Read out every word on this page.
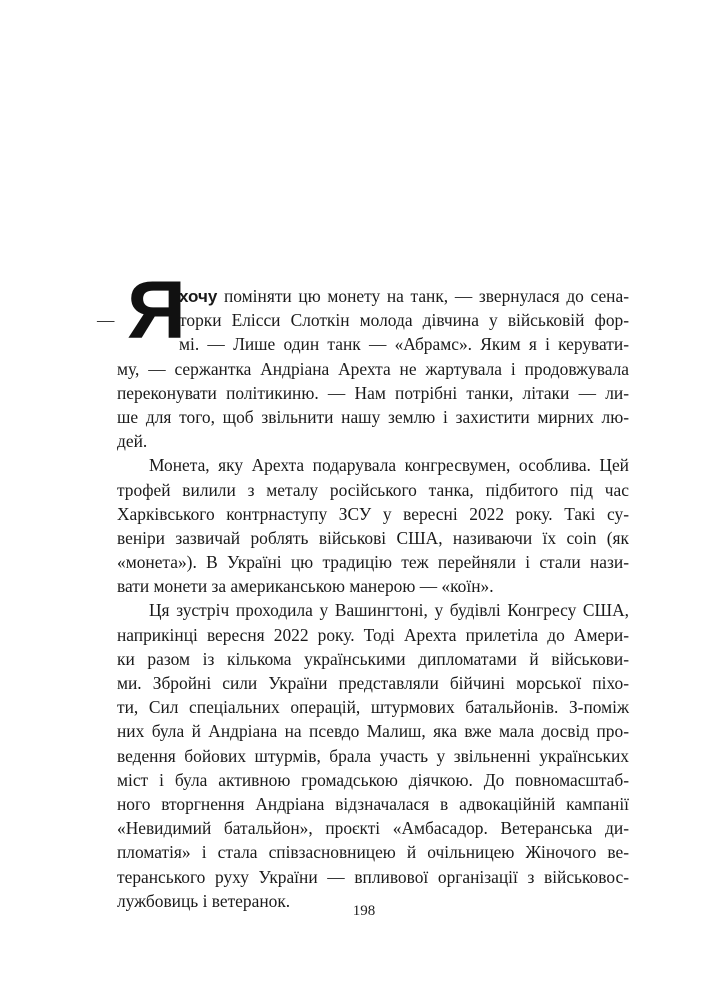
— Я
хочу поміняти цю монету на танк, — звернулася до сена-
торки Елісси Слоткін молода дівчина у військовій фор-
мі. — Лише один танк — «Абрамс». Яким я і керувати-
му, — сержантка Андріана Арехта не жартувала і продовжувала
переконувати політикиню. — Нам потрібні танки, літаки — ли-
ше для того, щоб звільнити нашу землю і захистити мирних лю-
дей.
Монета, яку Арехта подарувала конгресвумен, особлива. Цей
трофей вилили з металу російського танка, підбитого під час
Харківського контрнаступу ЗСУ у вересні 2022 року. Такі су-
веніри зазвичай роблять військові США, називаючи їх coin (як
«монета»). В Україні цю традицію теж перейняли і стали нази-
вати монети за американською манерою — «коїн».
Ця зустріч проходила у Вашингтоні, у будівлі Конгресу США,
наприкінці вересня 2022 року. Тоді Арехта прилетіла до Амери-
ки разом із кількома українськими дипломатами й військови-
ми. Збройні сили України представляли бійчині морської піхо-
ти, Сил спеціальних операцій, штурмових батальйонів. З-поміж
них була й Андріана на псевдо Малиш, яка вже мала досвід про-
ведення бойових штурмів, брала участь у звільненні українських
міст і була активною громадською діячкою. До повномасштаб-
ного вторгнення Андріана відзначалася в адвокаційній кампанії
«Невидимий батальйон», проєкті «Амбасадор. Ветеранська ди-
пломатія» і стала співзасновницею й очільницею Жіночого ве-
теранського руху України — впливової організації з військовос-
лужбовиць і ветеранок.
198
